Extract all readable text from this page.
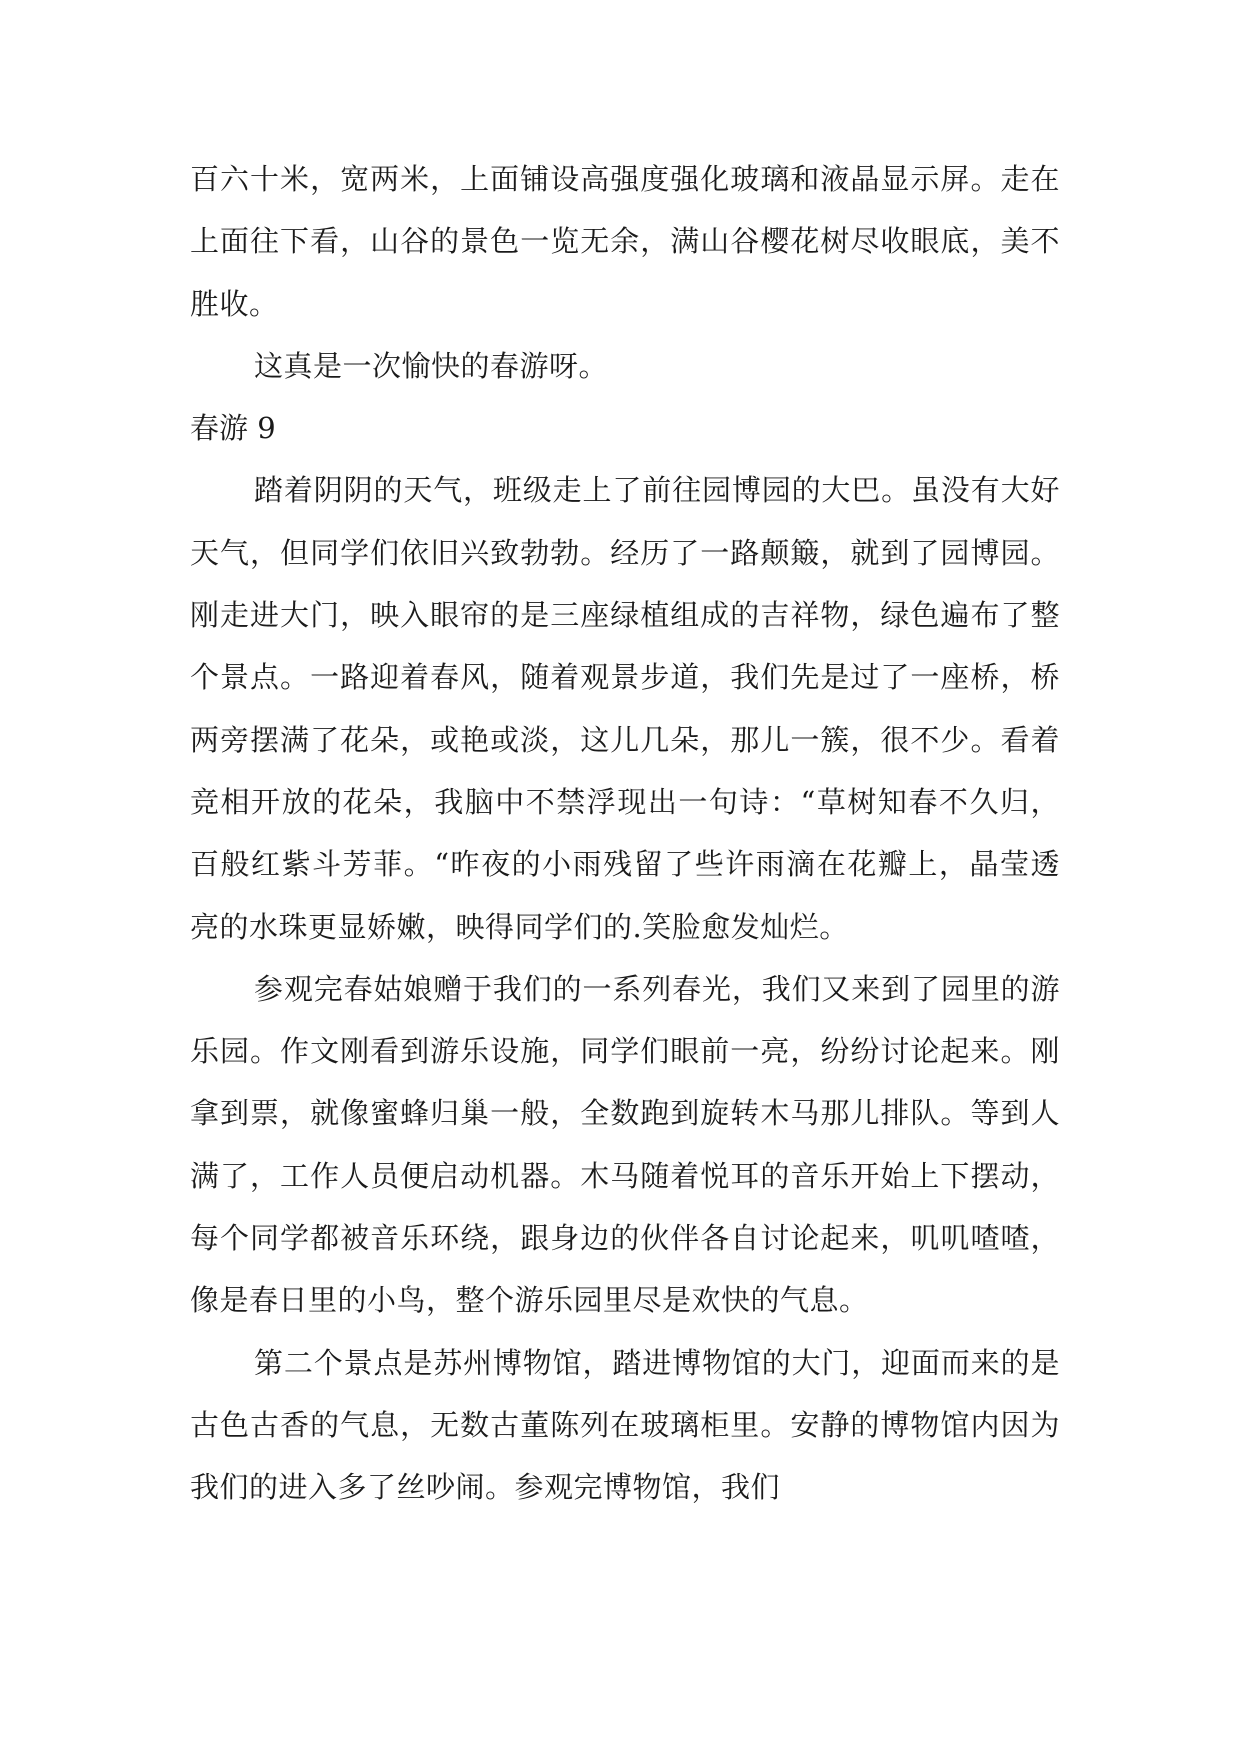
百六十米，宽两米，上面铺设高强度强化玻璃和液晶显示屏。走在上面往下看，山谷的景色一览无余，满山谷樱花树尽收眼底，美不胜收。

这真是一次愉快的春游呀。

春游 9

踏着阴阴的天气，班级走上了前往园博园的大巴。虽没有大好天气，但同学们依旧兴致勃勃。经历了一路颠簸，就到了园博园。刚走进大门，映入眼帘的是三座绿植组成的吉祥物，绿色遍布了整个景点。一路迎着春风，随着观景步道，我们先是过了一座桥，桥两旁摆满了花朵，或艳或淡，这儿几朵，那儿一簇，很不少。看着竞相开放的花朵，我脑中不禁浮现出一句诗：“草树知春不久归，百般红紫斗芳菲。“昨夜的小雨残留了些许雨滴在花瓣上，晶莹透亮的水珠更显娇嫩，映得同学们的.笑脸愈发灿烂。

参观完春姑娘赠于我们的一系列春光，我们又来到了园里的游乐园。作文刚看到游乐设施，同学们眼前一亮，纷纷讨论起来。刚拿到票，就像蜜蜂归巢一般，全数跑到旋转木马那儿排队。等到人满了，工作人员便启动机器。木马随着悦耳的音乐开始上下摆动，每个同学都被音乐环绕，跟身边的伙伴各自讨论起来，叽叽喳喳，像是春日里的小鸟，整个游乐园里尽是欢快的气息。

第二个景点是苏州博物馆，踏进博物馆的大门，迎面而来的是古色古香的气息，无数古董陈列在玻璃柜里。安静的博物馆内因为我们的进入多了丝吵闹。参观完博物馆，我们
